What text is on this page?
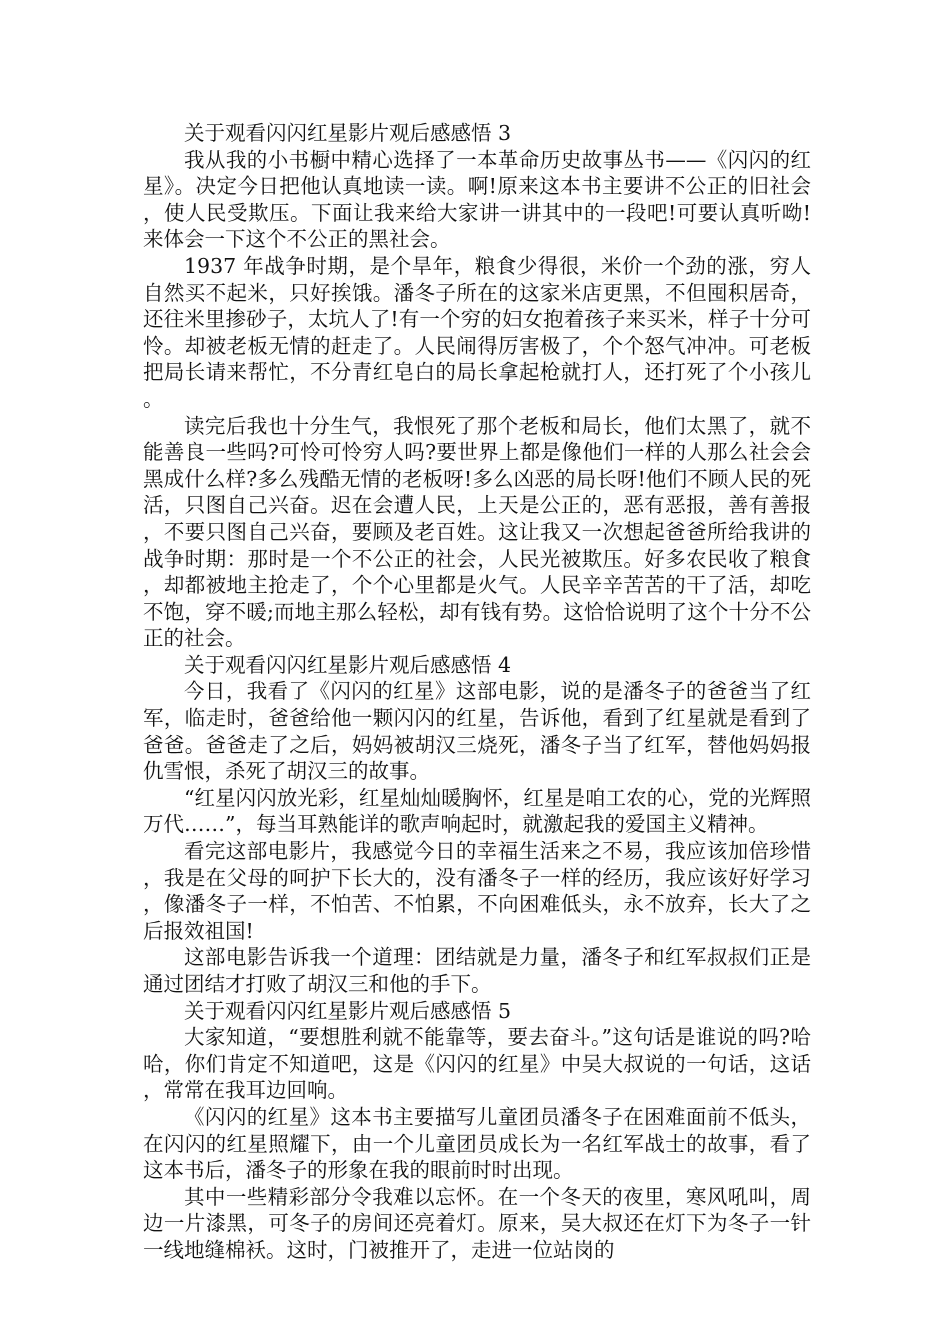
关于观看闪闪红星影片观后感感悟 3

我从我的小书橱中精心选择了一本革命历史故事丛书——《闪闪的红星》。决定今日把他认真地读一读。啊!原来这本书主要讲不公正的旧社会，使人民受欺压。下面让我来给大家讲一讲其中的一段吧!可要认真听呦!来体会一下这个不公正的黑社会。

1937 年战争时期，是个旱年，粮食少得很，米价一个劲的涨，穷人自然买不起米，只好挨饿。潘冬子所在的这家米店更黑，不但囤积居奇，还往米里掺砂子，太坑人了!有一个穷的妇女抱着孩子来买米，样子十分可怜。却被老板无情的赶走了。人民闹得厉害极了，个个怒气冲冲。可老板把局长请来帮忙，不分青红皂白的局长拿起枪就打人，还打死了个小孩儿。

读完后我也十分生气，我恨死了那个老板和局长，他们太黑了，就不能善良一些吗?可怜可怜穷人吗?要世界上都是像他们一样的人那么社会会黑成什么样?多么残酷无情的老板呀!多么凶恶的局长呀!他们不顾人民的死活，只图自己兴奋。迟在会遭人民，上天是公正的，恶有恶报，善有善报，不要只图自己兴奋，要顾及老百姓。这让我又一次想起爸爸所给我讲的战争时期：那时是一个不公正的社会，人民光被欺压。好多农民收了粮食，却都被地主抢走了，个个心里都是火气。人民辛辛苦苦的干了活，却吃不饱，穿不暖;而地主那么轻松，却有钱有势。这恰恰说明了这个十分不公正的社会。

关于观看闪闪红星影片观后感感悟 4

今日，我看了《闪闪的红星》这部电影，说的是潘冬子的爸爸当了红军，临走时，爸爸给他一颗闪闪的红星，告诉他，看到了红星就是看到了爸爸。爸爸走了之后，妈妈被胡汉三烧死，潘冬子当了红军，替他妈妈报仇雪恨，杀死了胡汉三的故事。

“红星闪闪放光彩，红星灿灿暖胸怀，红星是咱工农的心，党的光辉照万代……”，每当耳熟能详的歌声响起时，就激起我的爱国主义精神。

看完这部电影片，我感觉今日的幸福生活来之不易，我应该加倍珍惜，我是在父母的呵护下长大的，没有潘冬子一样的经历，我应该好好学习，像潘冬子一样，不怕苦、不怕累，不向困难低头，永不放弃，长大了之后报效祖国!

这部电影告诉我一个道理：团结就是力量，潘冬子和红军叔叔们正是通过团结才打败了胡汉三和他的手下。

关于观看闪闪红星影片观后感感悟 5

大家知道，“要想胜利就不能靠等，要去奋斗。”这句话是谁说的吗?哈哈，你们肯定不知道吧，这是《闪闪的红星》中吴大叔说的一句话，这话，常常在我耳边回响。

《闪闪的红星》这本书主要描写儿童团员潘冬子在困难面前不低头，在闪闪的红星照耀下，由一个儿童团员成长为一名红军战士的故事，看了这本书后，潘冬子的形象在我的眼前时时出现。

其中一些精彩部分令我难以忘怀。在一个冬天的夜里，寒风吼叫，周边一片漆黑，可冬子的房间还亮着灯。原来，吴大叔还在灯下为冬子一针一线地缝棉袄。这时，门被推开了，走进一位站岗的
